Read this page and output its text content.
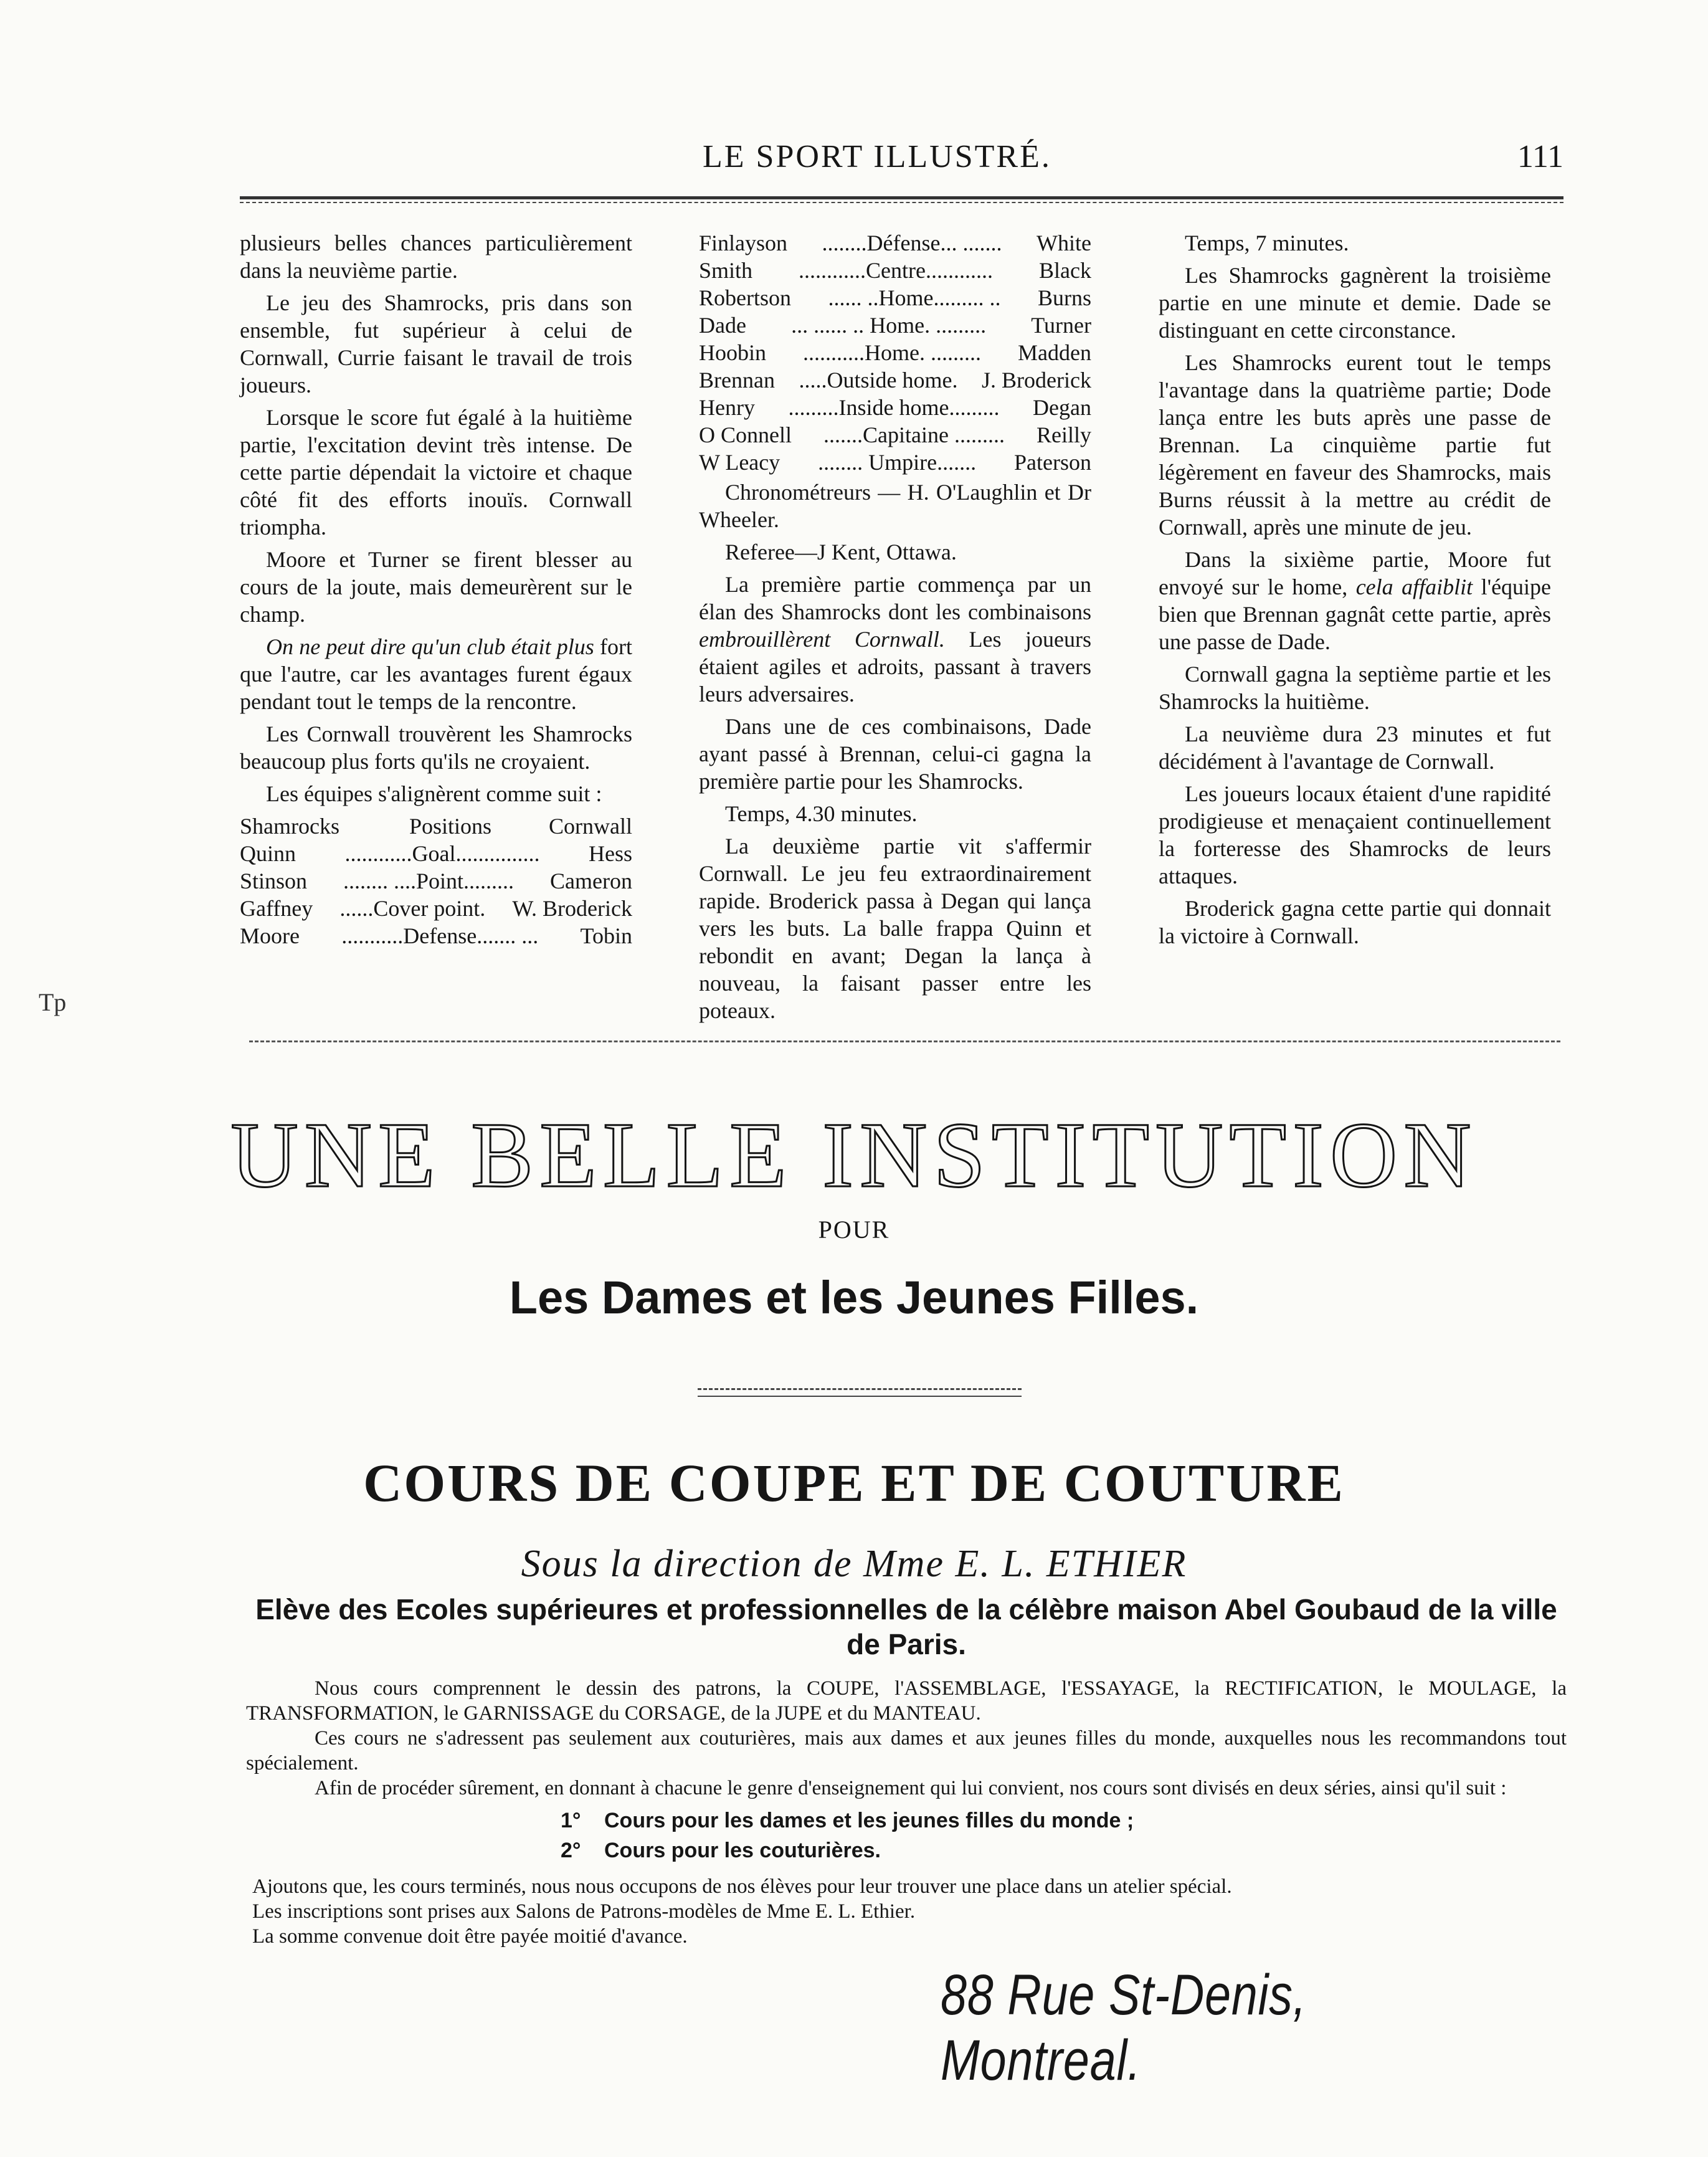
Tp
LE SPORT ILLUSTRÉ.	111

plusieurs belles chances particulièrement dans la neuvième partie.

Le jeu des Shamrocks, pris dans son ensemble, fut supérieur à celui de Cornwall, Currie faisant le travail de trois joueurs.

Lorsque le score fut égalé à la huitième partie, l'excitation devint très intense. De cette partie dépendait la victoire et chaque côté fit des efforts inouïs. Cornwall triompha.

Moore et Turner se firent blesser au cours de la joute, mais demeurèrent sur le champ.

On ne peut dire qu'un club était plus fort que l'autre, car les avantages furent égaux pendant tout le temps de la rencontre.

Les Cornwall trouvèrent les Shamrocks beaucoup plus forts qu'ils ne croyaient.

Les équipes s'alignèrent comme suit :

Shamrocks	Positions	Cornwall
Quinn ............Goal............... Hess
Stinson ........ ....Point......... Cameron
Gaffney ......Cover point. W. Broderick
Moore ...........Defense....... ... Tobin
Finlayson ........Défense... ....... White
Smith ............Centre............ Black
Robertson ...... ..Home......... .. Burns
Dade ... ...... .. Home. ......... Turner
Hoobin ...........Home. ......... Madden
Brennan .....Outside home. J. Broderick
Henry .........Inside home......... Degan
O Connell .......Capitaine ......... Reilly
W Leacy ........ Umpire....... Paterson

Chronométreurs — H. O'Laughlin et Dr Wheeler.

Referee—J Kent, Ottawa.

La première partie commença par un élan des Shamrocks dont les combinaisons embrouillèrent Cornwall. Les joueurs étaient agiles et adroits, passant à travers leurs adversaires.

Dans une de ces combinaisons, Dade ayant passé à Brennan, celui-ci gagna la première partie pour les Shamrocks.

Temps, 4.30 minutes.

La deuxième partie vit s'affermir Cornwall. Le jeu feu extraordinairement rapide. Broderick passa à Degan qui lança vers les buts. La balle frappa Quinn et rebondit en avant; Degan la lança à nouveau, la faisant passer entre les poteaux.

Temps, 7 minutes.

Les Shamrocks gagnèrent la troisième partie en une minute et demie. Dade se distinguant en cette circonstance.

Les Shamrocks eurent tout le temps l'avantage dans la quatrième partie; Dode lança entre les buts après une passe de Brennan. La cinquième partie fut légèrement en faveur des Shamrocks, mais Burns réussit à la mettre au crédit de Cornwall, après une minute de jeu.

Dans la sixième partie, Moore fut envoyé sur le home, cela affaiblit l'équipe bien que Brennan gagnât cette partie, après une passe de Dade.

Cornwall gagna la septième partie et les Shamrocks la huitième.

La neuvième dura 23 minutes et fut décidément à l'avantage de Cornwall.

Les joueurs locaux étaient d'une rapidité prodigieuse et menaçaient continuellement la forteresse des Shamrocks de leurs attaques.

Broderick gagna cette partie qui donnait la victoire à Cornwall.

UNE BELLE INSTITUTION
POUR
Les Dames et les Jeunes Filles.
COURS DE COUPE ET DE COUTURE
Sous la direction de Mme E. L. ETHIER
Elève des Ecoles supérieures et professionnelles de la célèbre maison Abel Goubaud de la ville de Paris.

Nous cours comprennent le dessin des patrons, la COUPE, l'ASSEMBLAGE, l'ESSAYAGE, la RECTIFICATION, le MOULAGE, la TRANSFORMATION, le GARNISSAGE du CORSAGE, de la JUPE et du MANTEAU.

Ces cours ne s'adressent pas seulement aux couturières, mais aux dames et aux jeunes filles du monde, auxquelles nous les recommandons tout spécialement.

Afin de procéder sûrement, en donnant à chacune le genre d'enseignement qui lui convient, nos cours sont divisés en deux séries, ainsi qu'il suit :

1° Cours pour les dames et les jeunes filles du monde ;
2° Cours pour les couturières.

Ajoutons que, les cours terminés, nous nous occupons de nos élèves pour leur trouver une place dans un atelier spécial.

Les inscriptions sont prises aux Salons de Patrons-modèles de Mme E. L. Ethier.

La somme convenue doit être payée moitié d'avance.

88 Rue St-Denis, Montreal.
